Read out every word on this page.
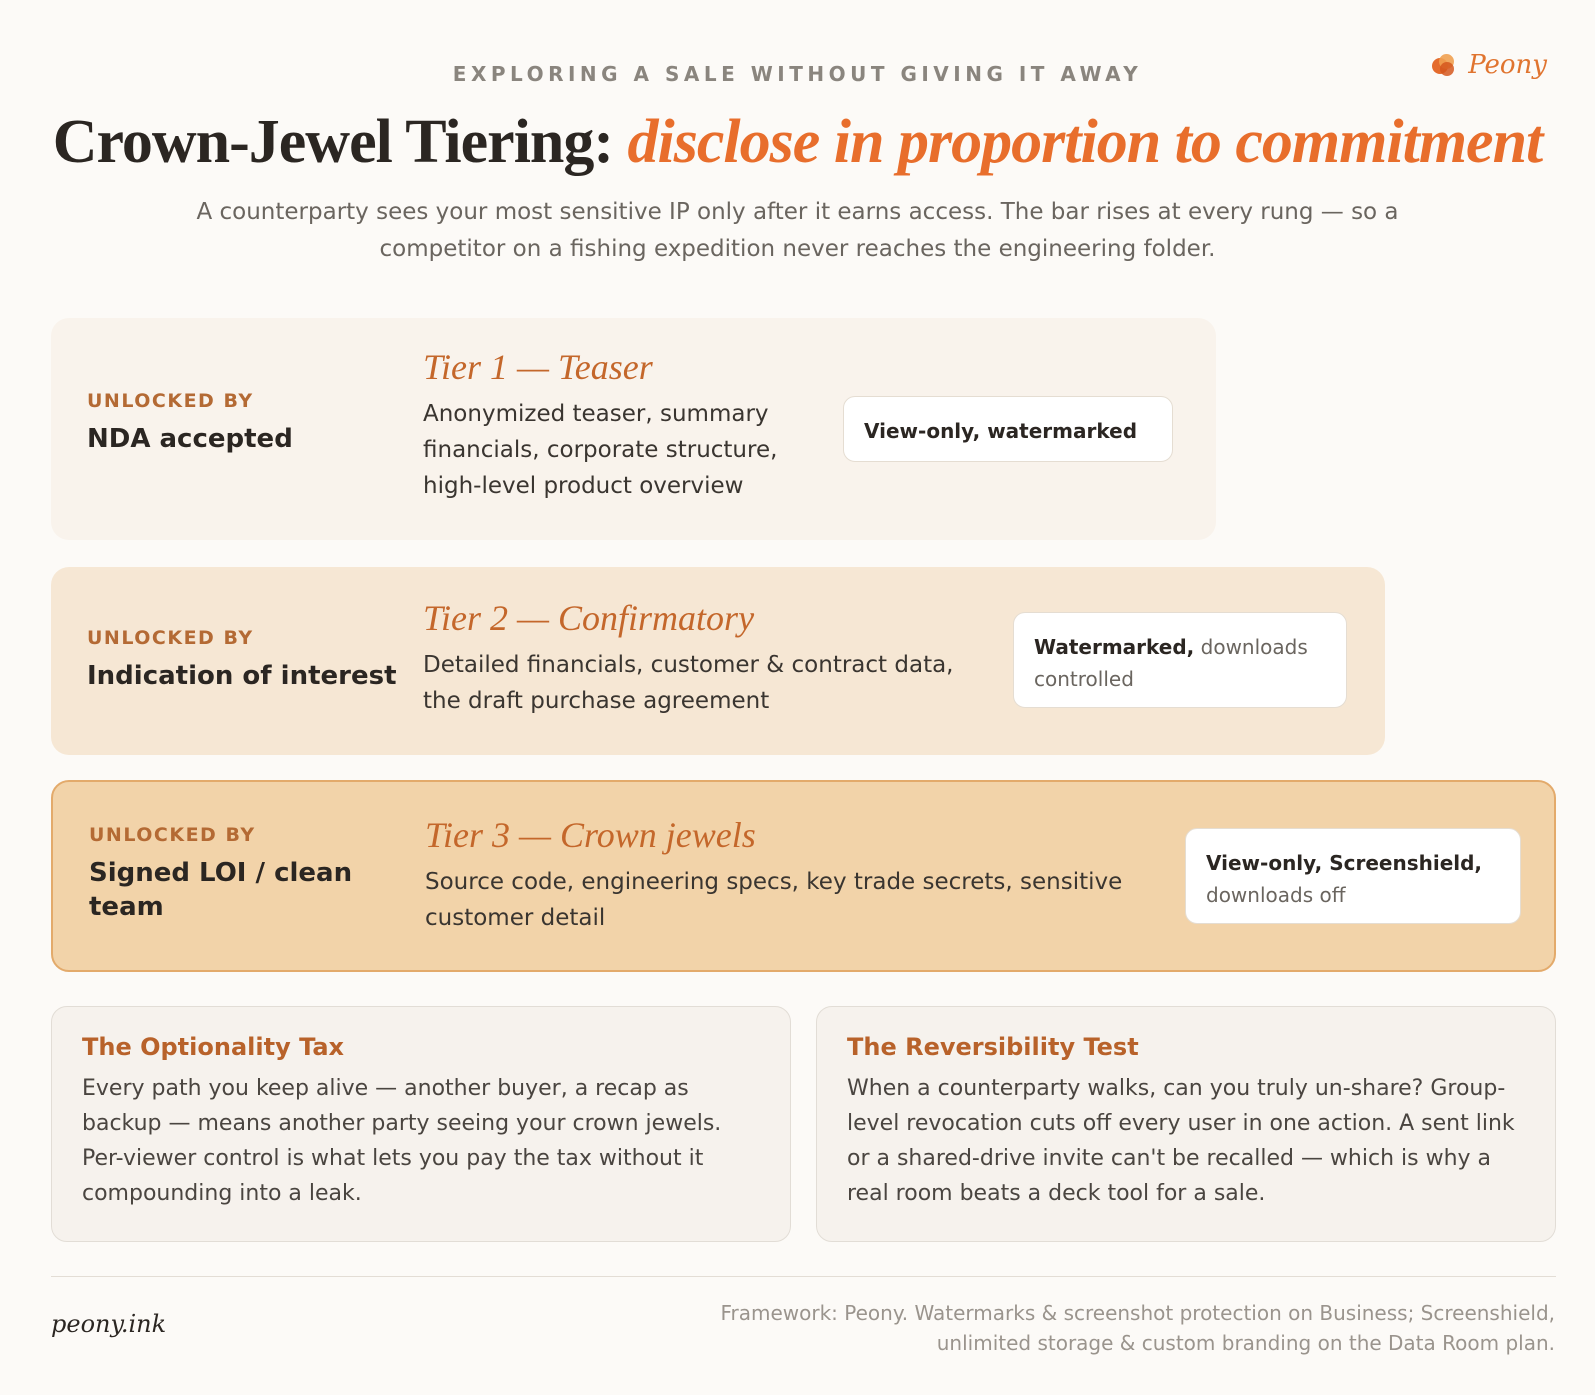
EXPLORING A SALE WITHOUT GIVING IT AWAY	Peony
Crown-Jewel Tiering: disclose in proportion to commitment

A counterparty sees your most sensitive IP only after it earns access. The bar rises at every rung — so a competitor on a fishing expedition never reaches the engineering folder.

UNLOCKED BY
NDA accepted
Tier 1 — Teaser
Anonymized teaser, summary financials, corporate structure, high-level product overview
View-only, watermarked
UNLOCKED BY
Indication of interest
Tier 2 — Confirmatory
Detailed financials, customer & contract data, the draft purchase agreement
Watermarked, downloads controlled
UNLOCKED BY
Signed LOI / clean team
Tier 3 — Crown jewels
Source code, engineering specs, key trade secrets, sensitive customer detail
View-only, Screenshield, downloads off
The Optionality Tax

Every path you keep alive — another buyer, a recap as backup — means another party seeing your crown jewels. Per-viewer control is what lets you pay the tax without it compounding into a leak.

The Reversibility Test

When a counterparty walks, can you truly un-share? Group-level revocation cuts off every user in one action. A sent link or a shared-drive invite can't be recalled — which is why a real room beats a deck tool for a sale.

peony.ink	Framework: Peony. Watermarks & screenshot protection on Business; Screenshield, unlimited storage & custom branding on the Data Room plan.
